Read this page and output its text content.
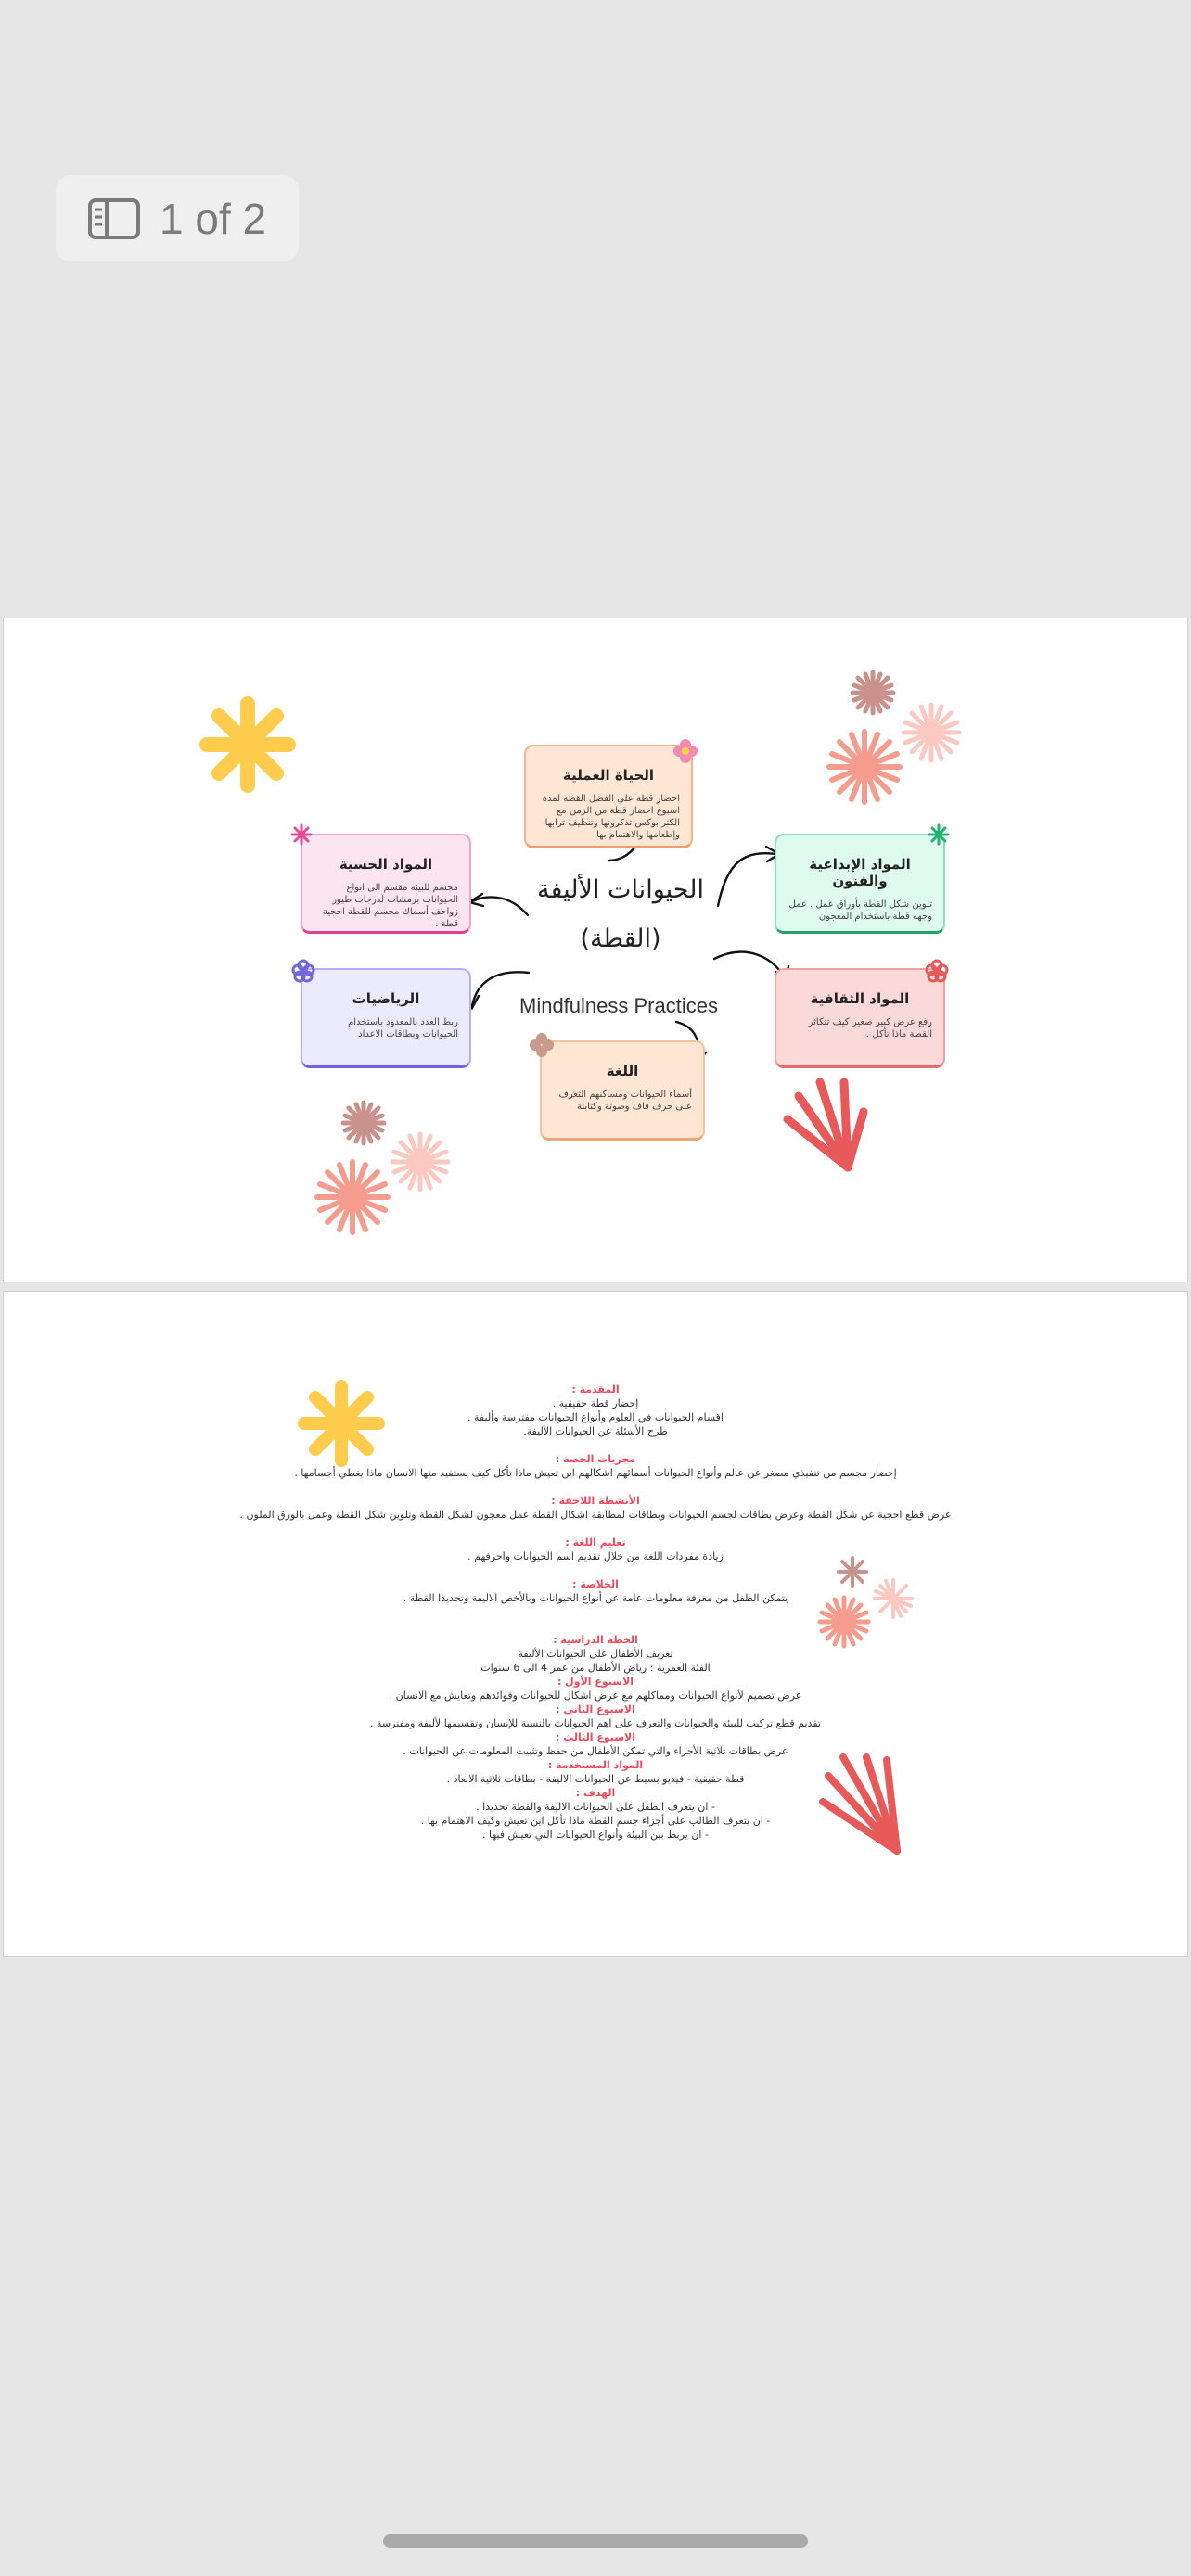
1 of 2
الحيوانات الأليفة
(القطة)
Mindfulness Practices
الحياة العملية
احضار قطة على الفصل القطة لمدة اسبوع احضار قطة من الزمن مع الكتر بوكس تذكرونها وتنظيف ترابها وإطعامها والاهتمام بها.
المواد الحسية
مجسم للبيئة مقسم الى انواع الحيوانات برمشات لدرجات طيور زواحف أسماك مجسم للقطة احجية قطة .
المواد الإبداعية والفنون
تلوين شكل القطة بأوراق عمل . عمل وجهه قطة باستخدام المعجون
الرياضيات
ربط العدد بالمعدود باستخدام الحيوانات وبطاقات الاعداد
المواد الثقافية
رفع عرض كبير صغير كيف تتكاثر القطة ماذا تأكل .
اللغة
أسماء الحيوانات ومساكنهم التعرف على حرف قاف وصوتة وكتابتة
المقدمة :
إحضار قطة حقيقية .
اقسام الحيوانات في العلوم وأنواع الحيوانات مفترسة وأليفة .
طرح الأسئلة عن الحيوانات الأليفة.
مجريات الحصة :
إحضار مجسم من تنفيذي مصغر عن عالم وأنواع الحيوانات أسمائهم اشكالهم اين تعيش ماذا تأكل كيف يستفيد منها الانسان ماذا يغطي أجسامها .
الأنشطة اللاحقة :
عرض قطع احجية عن شكل القطة وعرض بطاقات لجسم الحيوانات وبطاقات لمطابقة اشكال القطة عمل معجون لشكل القطة وتلوين شكل القطة وعمل بالورق الملون .
تعليم اللغة :
زيادة مفردات اللغة من خلال تقديم اسم الحيوانات واحرفهم .
الخلاصة :
يتمكن الطفل من معرفة معلومات عامة عن أنواع الحيوانات وبالأخص الاليفة وتحديدا القطة .
الخطة الدراسية :
تعريف الأطفال على الحيوانات الأليفة
الفئة العمرية : رياض الأطفال من عمر 4 الى 6 سنوات
الاسبوع الأول :
عرض تصميم لأنواع الحيوانات ومماكلهم مع عرض اشكال للحيوانات وفوائدهم وتعايش مع الانسان .
الاسبوع الثاني :
تقديم قطع تركيب للبيئة والحيوانات والتعرف على اهم الحيوانات بالنسبة للإنسان وتقسيمها لأليفة ومفترسة .
الاسبوع الثالث :
عرض بطاقات ثلاثية الأجزاء والتي تمكن الأطفال من حفظ وتثبيت المعلومات عن الحيوانات .
المواد المستخدمة :
قطة حقيقية - فيديو بسيط عن الحيوانات الاليفة - بطاقات ثلاثية الابعاد .
الهدف :
- ان يتعرف الطفل على الحيوانات الاليفة والقطة تحديدا .
- ان يتعرف الطالب على أجزاء جسم القطة ماذا تأكل اين تعيش وكيف الاهتمام بها .
- ان يربط بين البيئة وأنواع الحيوانات التي تعيش فيها .
